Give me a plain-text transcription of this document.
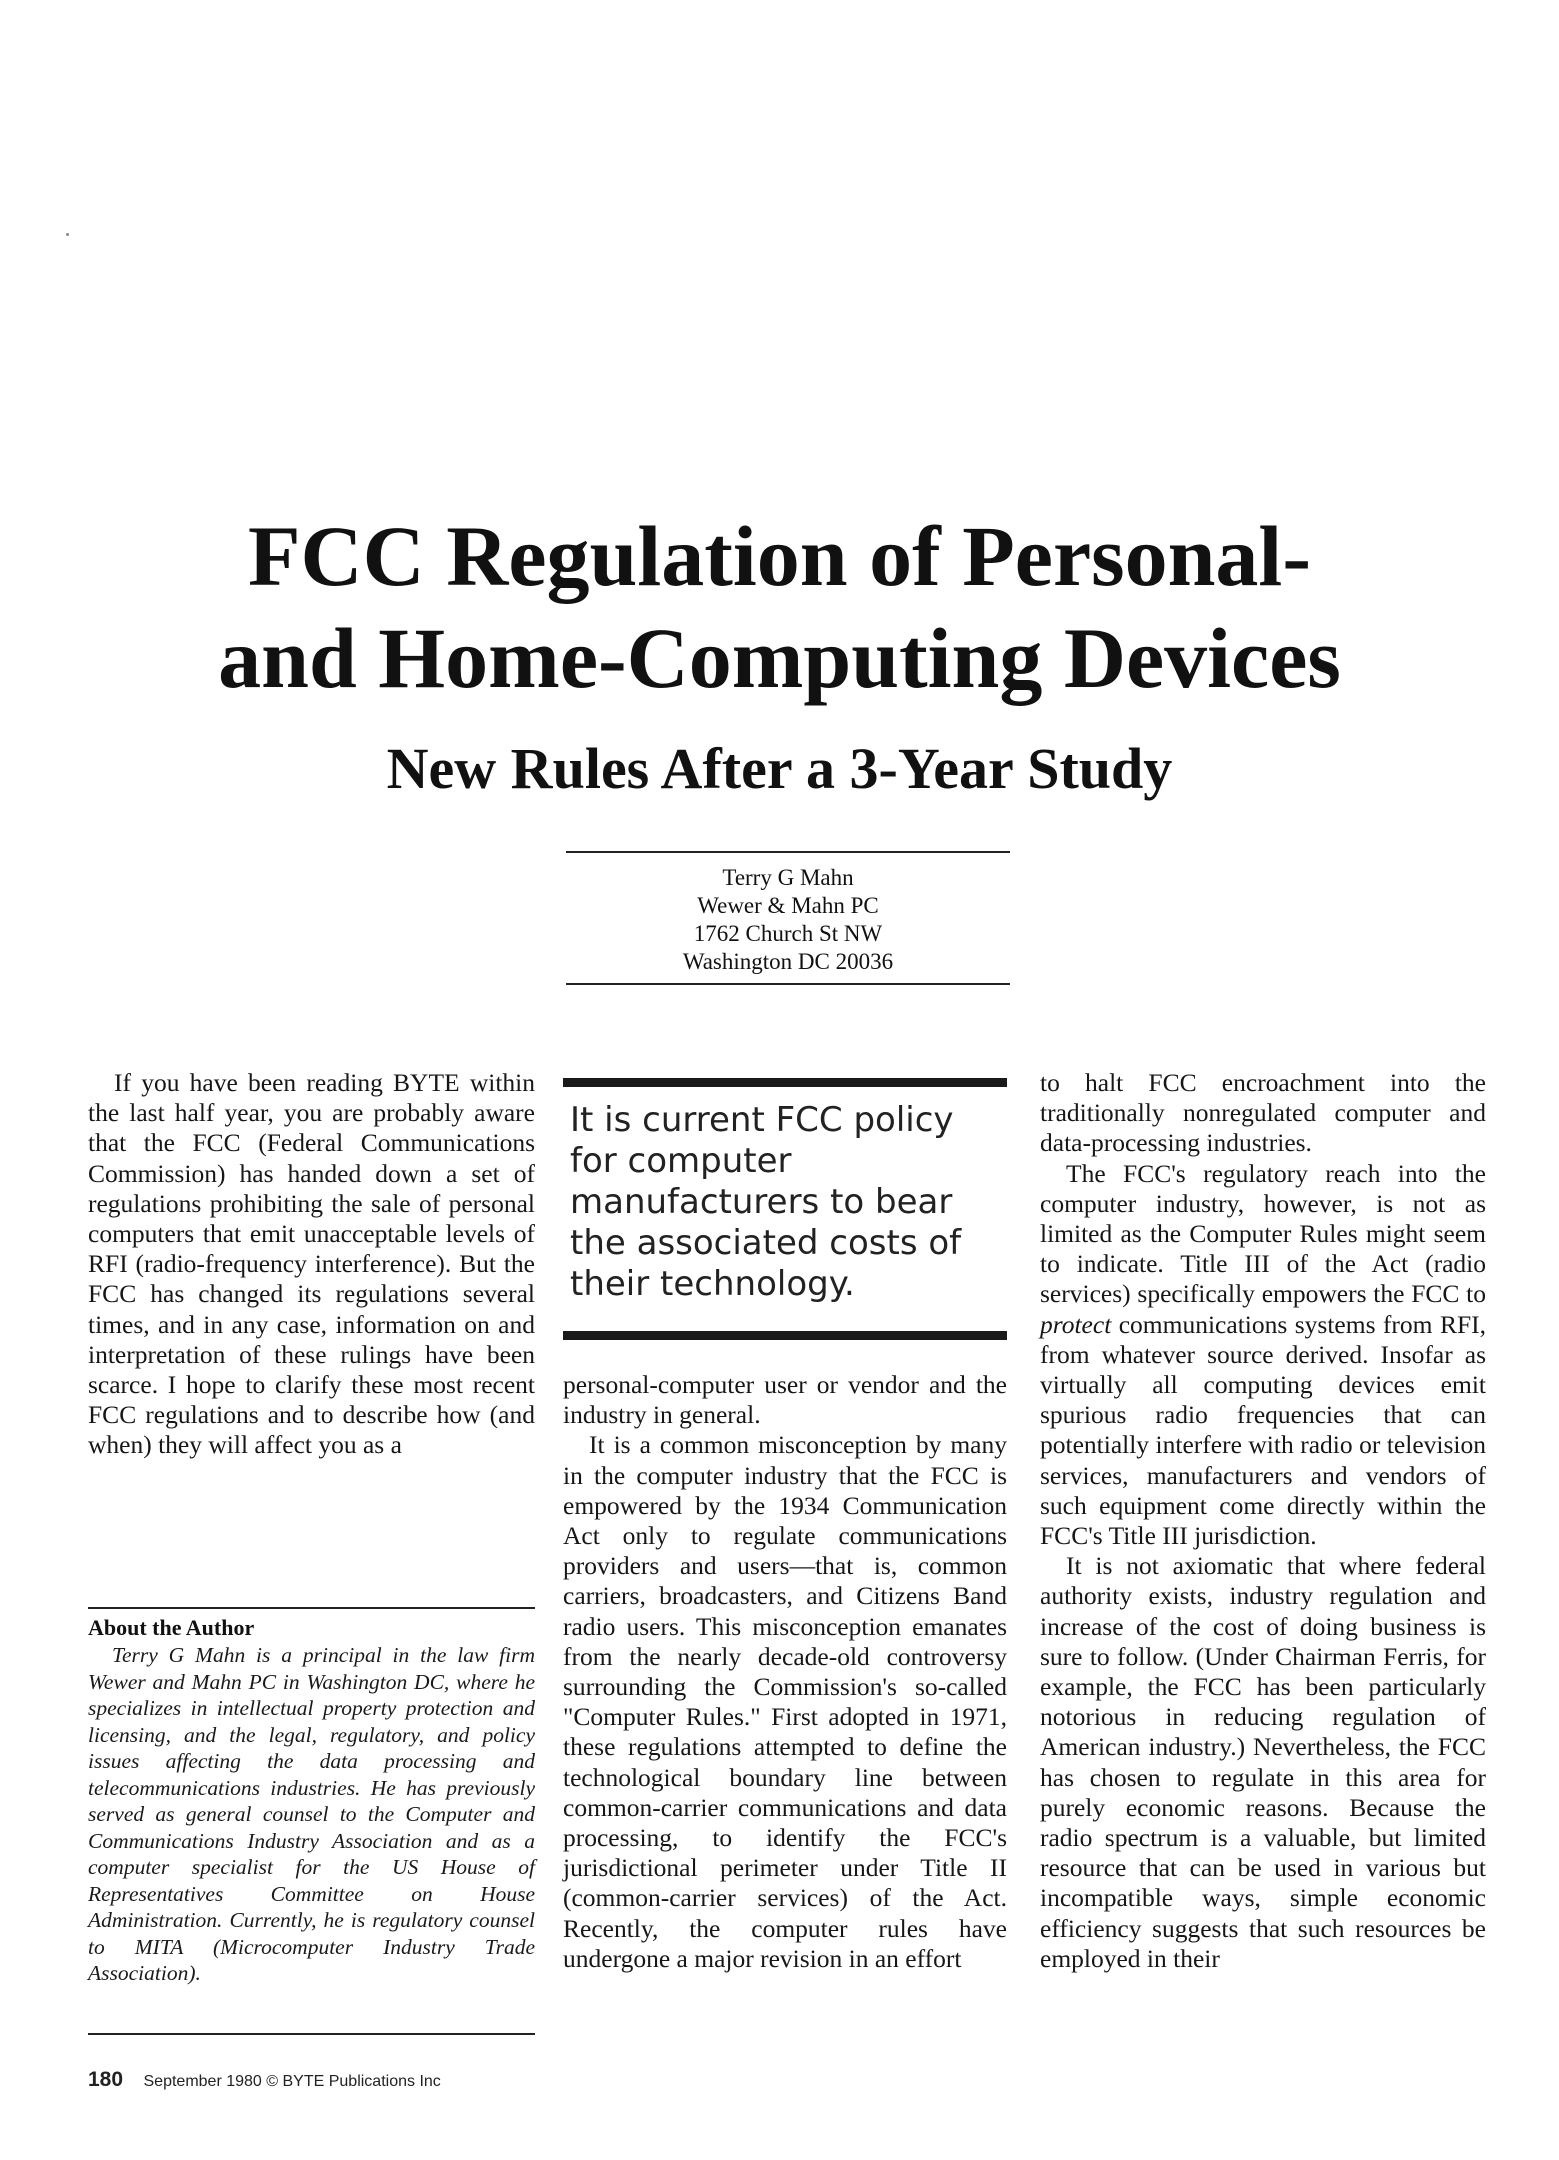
FCC Regulation of Personal-
and Home-Computing Devices
New Rules After a 3-Year Study
Terry G Mahn
Wewer & Mahn PC
1762 Church St NW
Washington DC 20036

If you have been reading BYTE within the last half year, you are probably aware that the FCC (Federal Communications Commission) has handed down a set of regulations prohibiting the sale of personal computers that emit unacceptable levels of RFI (radio-frequency interference). But the FCC has changed its regulations several times, and in any case, information on and interpretation of these rulings have been scarce. I hope to clarify these most recent FCC regulations and to describe how (and when) they will affect you as a

It is current FCC policy for computer manufacturers to bear the associated costs of their technology.

personal-computer user or vendor and the industry in general.

It is a common misconception by many in the computer industry that the FCC is empowered by the 1934 Communication Act only to regulate communications providers and users—that is, common carriers, broadcasters, and Citizens Band radio users. This misconception emanates from the nearly decade-old controversy surrounding the Commission's so-called "Computer Rules." First adopted in 1971, these regulations attempted to define the technological boundary line between common-carrier communications and data processing, to identify the FCC's jurisdictional perimeter under Title II (common-carrier services) of the Act. Recently, the computer rules have undergone a major revision in an effort

to halt FCC encroachment into the traditionally nonregulated computer and data-processing industries.

The FCC's regulatory reach into the computer industry, however, is not as limited as the Computer Rules might seem to indicate. Title III of the Act (radio services) specifically empowers the FCC to protect communications systems from RFI, from whatever source derived. Insofar as virtually all computing devices emit spurious radio frequencies that can potentially interfere with radio or television services, manufacturers and vendors of such equipment come directly within the FCC's Title III jurisdiction.

It is not axiomatic that where federal authority exists, industry regulation and increase of the cost of doing business is sure to follow. (Under Chairman Ferris, for example, the FCC has been particularly notorious in reducing regulation of American industry.) Nevertheless, the FCC has chosen to regulate in this area for purely economic reasons. Because the radio spectrum is a valuable, but limited resource that can be used in various but incompatible ways, simple economic efficiency suggests that such resources be employed in their

About the Author

Terry G Mahn is a principal in the law firm Wewer and Mahn PC in Washington DC, where he specializes in intellectual property protection and licensing, and the legal, regulatory, and policy issues affecting the data processing and telecommunications industries. He has previously served as general counsel to the Computer and Communications Industry Association and as a computer specialist for the US House of Representatives Committee on House Administration. Currently, he is regulatory counsel to MITA (Microcomputer Industry Trade Association).

180 September 1980 © BYTE Publications Inc
